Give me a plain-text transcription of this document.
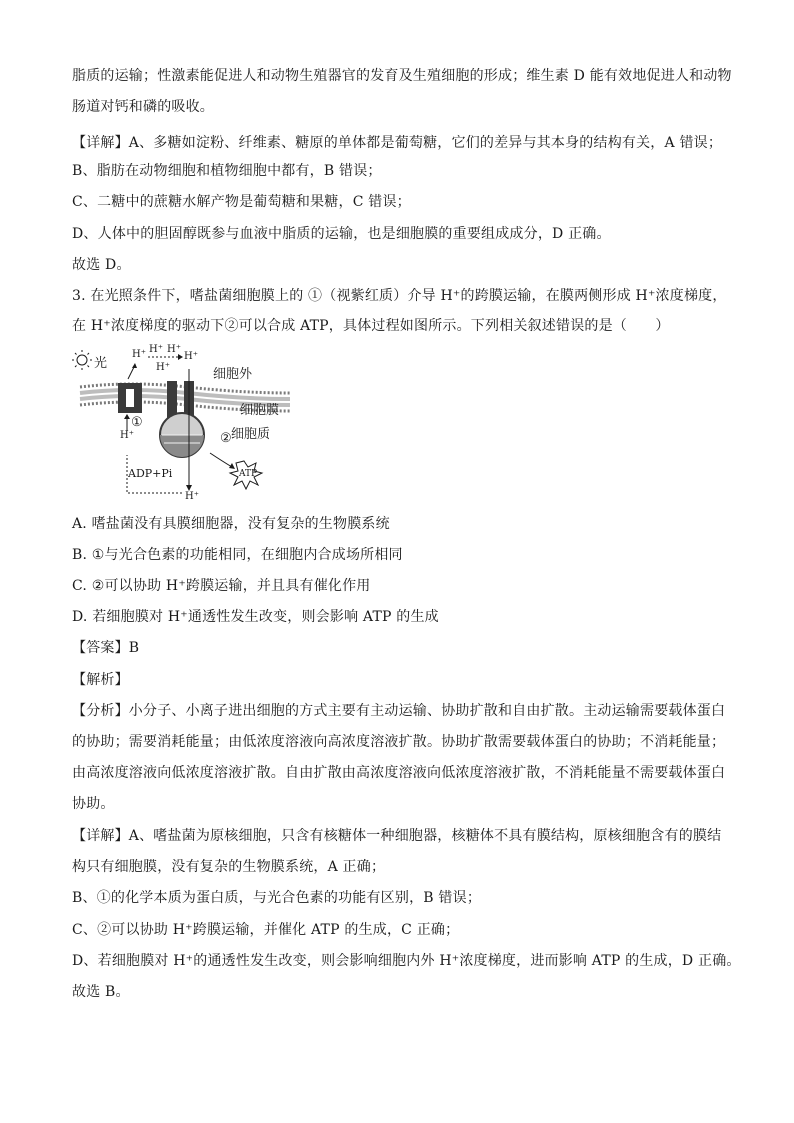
脂质的运输；性激素能促进人和动物生殖器官的发育及生殖细胞的形成；维生素 D 能有效地促进人和动物
肠道对钙和磷的吸收。
【详解】A、多糖如淀粉、纤维素、糖原的单体都是葡萄糖，它们的差异与其本身的结构有关，A 错误；
B、脂肪在动物细胞和植物细胞中都有，B 错误；
C、二糖中的蔗糖水解产物是葡萄糖和果糖，C 错误；
D、人体中的胆固醇既参与血液中脂质的运输，也是细胞膜的重要组成成分，D 正确。
故选 D。
3. 在光照条件下，嗜盐菌细胞膜上的 ①（视紫红质）介导 H⁺的跨膜运输，在膜两侧形成 H⁺浓度梯度，
在 H⁺浓度梯度的驱动下②可以合成 ATP，具体过程如图所示。下列相关叙述错误的是（　　）
光
H⁺ H⁺ H⁺
H⁺
H⁺	细胞外
细胞膜
①
H⁺	② 细胞质
ADP+Pi	ATP
H⁺
A. 嗜盐菌没有具膜细胞器，没有复杂的生物膜系统
B. ①与光合色素的功能相同，在细胞内合成场所相同
C. ②可以协助 H⁺跨膜运输，并且具有催化作用
D. 若细胞膜对 H⁺通透性发生改变，则会影响 ATP 的生成
【答案】B
【解析】
【分析】小分子、小离子进出细胞的方式主要有主动运输、协助扩散和自由扩散。主动运输需要载体蛋白
的协助；需要消耗能量；由低浓度溶液向高浓度溶液扩散。协助扩散需要载体蛋白的协助；不消耗能量；
由高浓度溶液向低浓度溶液扩散。自由扩散由高浓度溶液向低浓度溶液扩散，不消耗能量不需要载体蛋白
协助。
【详解】A、嗜盐菌为原核细胞，只含有核糖体一种细胞器，核糖体不具有膜结构，原核细胞含有的膜结
构只有细胞膜，没有复杂的生物膜系统，A 正确；
B、①的化学本质为蛋白质，与光合色素的功能有区别，B 错误；
C、②可以协助 H⁺跨膜运输，并催化 ATP 的生成，C 正确；
D、若细胞膜对 H⁺的通透性发生改变，则会影响细胞内外 H⁺浓度梯度，进而影响 ATP 的生成，D 正确。
故选 B。
